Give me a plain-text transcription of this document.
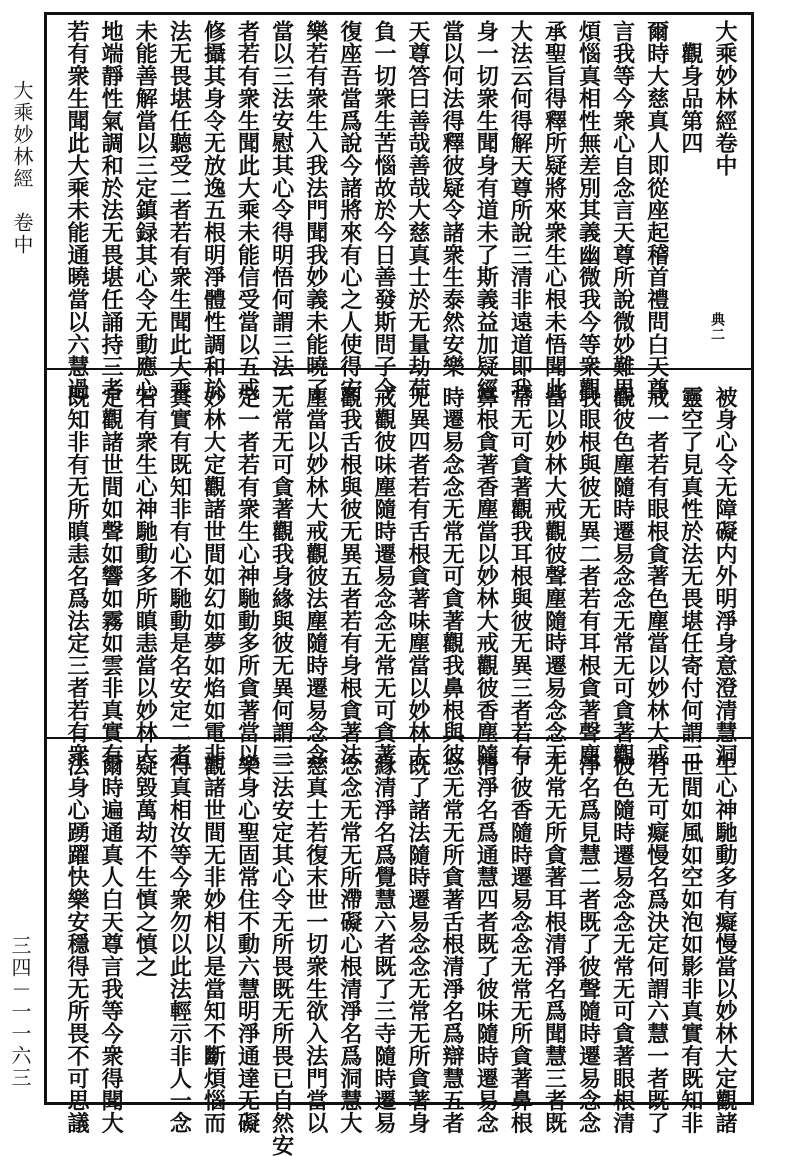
大乘妙林經　卷中
三四－一一六三
大乘妙林經卷中
　觀身品第四
爾時大慈真人即從座起稽首禮問白天尊
言我等今衆心自念言天尊所說微妙難思
煩惱真相性無差別其義幽微我今等衆觀
承聖旨得釋所疑將來衆生心根未悟聞此
大法云何得解天尊所說三清非遠道即我
身一切衆生聞身有道未了斯義益加疑經
當以何法得釋彼疑令諸衆生泰然安樂
天尊答曰善哉善哉大慈真士於无量劫荷
負一切衆生苦惱故於今日善發斯問子今
復座吾當爲說今諸將來有心之人使得安
樂若有衆生入我法門聞我妙義未能曉了
當以三法安慰其心令得明悟何謂三法一
者若有衆生聞此大乘未能信受當以五戒
修攝其身令无放逸五根明淨體性調和於
法无畏堪任聽受二者若有衆生聞此大乘
未能善解當以三定鎮録其心令无動應心
地端靜性氣調和於法无畏堪任誦持三者
若有衆生聞此大乘未能通曉當以六慧過
被身心令无障礙内外明淨身意澄清慧洞
靈空了見真性於法无畏堪任寄付何謂三
戒一者若有眼根貪著色塵當以妙林大戒
觀彼色塵隨時遷易念念无常无可貪著觀
我眼根與彼无異二者若有耳根貪著聲塵
當以妙林大戒觀彼聲塵隨時遷易念念无
常无可貪著觀我耳根與彼无異三者若有
鼻根貪著香塵當以妙林大戒觀彼香塵隨
時遷易念念无常无可貪著觀我鼻根與彼
无異四者若有舌根貪著味塵當以妙林大
戒觀彼味塵隨時遷易念念无常无可貪著
觀我舌根與彼无異五者若有身根貪著法
塵當以妙林大戒觀彼法塵隨時遷易念念
无常无可貪著觀我身緣與彼无異何謂三
定一者若有衆生心神馳動多所貪著當以
妙林大定觀諸世間如幻如夢如焰如電非
真實有既知非有心不馳動是名安定二者
若有衆生心神馳動多所瞋恚當以妙林大
定觀諸世間如聲如響如霧如雲非真實有
既知非有无所瞋恚名爲法定三者若有衆
生心神馳動多有癡慢當以妙林大定觀諸
世間如風如空如泡如影非真實有既知非
有无可癡慢名爲決定何謂六慧一者既了
彼色隨時遷易念念无常无可貪著眼根清
淨名爲見慧二者既了彼聲隨時遷易念念
无常无所貪著耳根清淨名爲聞慧三者既
了彼香隨時遷易念念无常无所貪著鼻根
清淨名爲通慧四者既了彼味隨時遷易念
念无常无所貪著舌根清淨名爲辯慧五者
既了諸法隨時遷易念念无常无所貪著身
緣清淨名爲覺慧六者既了三寺隨時遷易
念念无常无所滯礙心根清淨名爲洞慧大
慈真士若復末世一切衆生欲入法門當以
三法安定其心令无所畏既无所畏已自然安
樂身心聖固常住不動六慧明淨通達无礙
觀諸世間无非妙相以是當知不斷煩惱而
得真相汝等今衆勿以此法輕示非人一念
疑毀萬劫不生慎之慎之
爾時遍通真人白天尊言我等今衆得聞大
法身心踴躍快樂安穩得无所畏不可思議
典二
